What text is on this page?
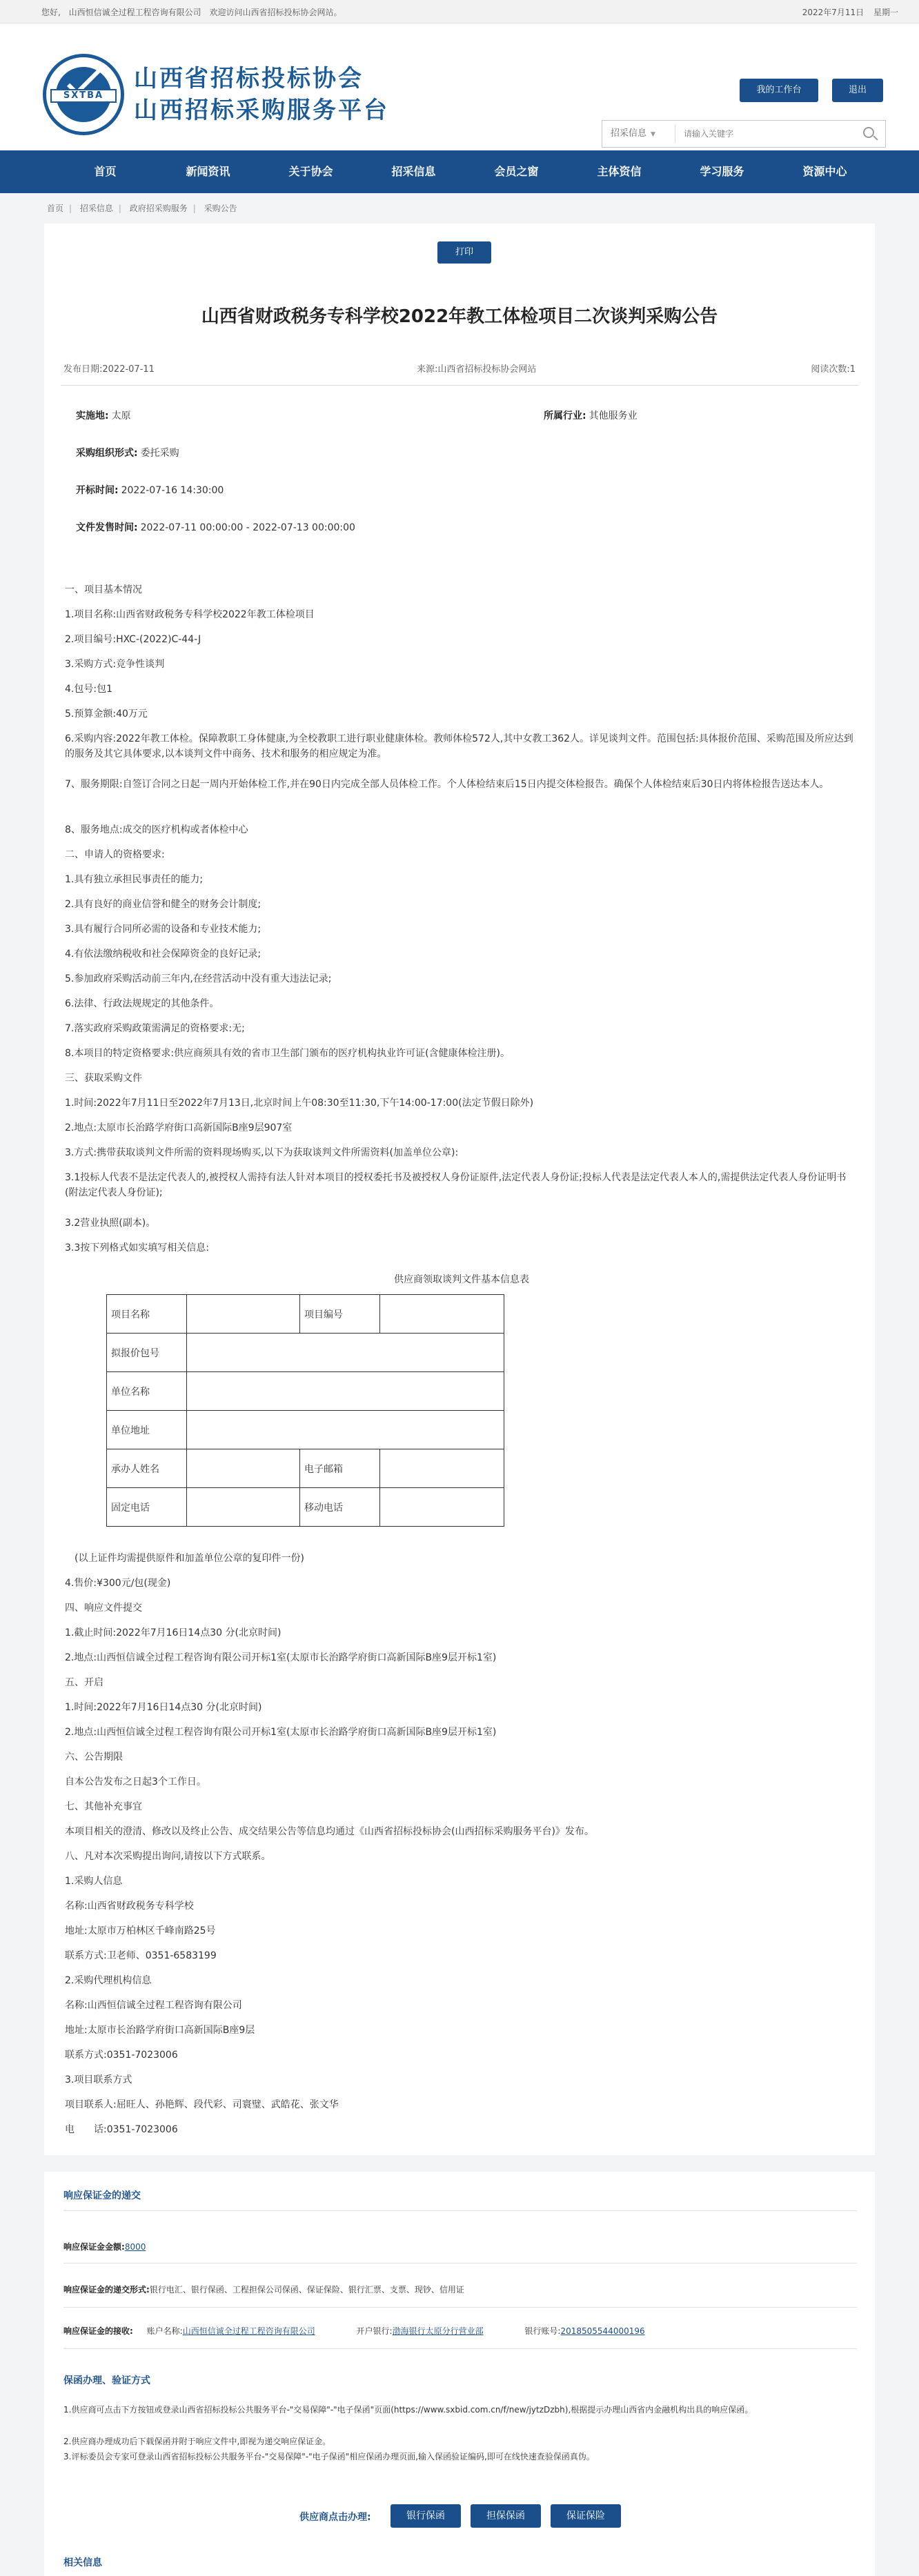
您好, 山西恒信诚全过程工程咨询有限公司 欢迎访问山西省招标投标协会网站。	2022年7月11日 星期一
SXTBA
山西省招标投标协会
山西招标采购服务平台
我的工作台	退出
招采信息 ▼
请输入关键字
首页	新闻资讯	关于协会	招采信息	会员之窗	主体资信	学习服务	资源中心
首页 | 招采信息 | 政府招采购服务 | 采购公告
打印
山西省财政税务专科学校2022年教工体检项目二次谈判采购公告
发布日期:2022-07-11	来源:山西省招标投标协会网站	阅读次数:1
实施地: 太原	所属行业: 其他服务业
采购组织形式: 委托采购
开标时间: 2022-07-16 14:30:00
文件发售时间: 2022-07-11 00:00:00 - 2022-07-13 00:00:00
一、项目基本情况
1.项目名称:山西省财政税务专科学校2022年教工体检项目
2.项目编号:HXC-(2022)C-44-J
3.采购方式:竞争性谈判
4.包号:包1
5.预算金额:40万元
6.采购内容:2022年教工体检。保障教职工身体健康,为全校教职工进行职业健康体检。教师体检572人,其中女教工362人。详见谈判文件。范围包括:具体报价范围、采购范围及所应达到的服务及其它具体要求,以本谈判文件中商务、技术和服务的相应规定为准。
7、服务期限:自签订合同之日起一周内开始体检工作,并在90日内完成全部人员体检工作。个人体检结束后15日内提交体检报告。确保个人体检结束后30日内将体检报告送达本人。
8、服务地点:成交的医疗机构或者体检中心
二、申请人的资格要求:
1.具有独立承担民事责任的能力;
2.具有良好的商业信誉和健全的财务会计制度;
3.具有履行合同所必需的设备和专业技术能力;
4.有依法缴纳税收和社会保障资金的良好记录;
5.参加政府采购活动前三年内,在经营活动中没有重大违法记录;
6.法律、行政法规规定的其他条件。
7.落实政府采购政策需满足的资格要求:无;
8.本项目的特定资格要求:供应商须具有效的省市卫生部门颁布的医疗机构执业许可证(含健康体检注册)。
三、获取采购文件
1.时间:2022年7月11日至2022年7月13日,北京时间上午08:30至11:30,下午14:00-17:00(法定节假日除外)
2.地点:太原市长治路学府街口高新国际B座9层907室
3.方式:携带获取谈判文件所需的资料现场购买,以下为获取谈判文件所需资料(加盖单位公章):
3.1投标人代表不是法定代表人的,被授权人需持有法人针对本项目的授权委托书及被授权人身份证原件,法定代表人身份证;投标人代表是法定代表人本人的,需提供法定代表人身份证明书(附法定代表人身份证);
3.2营业执照(副本)。
3.3按下列格式如实填写相关信息:
供应商领取谈判文件基本信息表
项目名称		项目编号	
拟报价包号			
单位名称			
单位地址			
承办人姓名		电子邮箱	
固定电话		移动电话	
(以上证件均需提供原件和加盖单位公章的复印件一份)
4.售价:¥300元/包(现金)
四、响应文件提交
1.截止时间:2022年7月16日14点30 分(北京时间)
2.地点:山西恒信诚全过程工程咨询有限公司开标1室(太原市长治路学府街口高新国际B座9层开标1室)
五、开启
1.时间:2022年7月16日14点30 分(北京时间)
2.地点:山西恒信诚全过程工程咨询有限公司开标1室(太原市长治路学府街口高新国际B座9层开标1室)
六、公告期限
自本公告发布之日起3个工作日。
七、其他补充事宜
本项目相关的澄清、修改以及终止公告、成交结果公告等信息均通过《山西省招标投标协会(山西招标采购服务平台)》发布。
八、凡对本次采购提出询问,请按以下方式联系。
1.采购人信息
名称:山西省财政税务专科学校
地址:太原市万柏林区千峰南路25号
联系方式:卫老师、0351-6583199
2.采购代理机构信息
名称:山西恒信诚全过程工程咨询有限公司
地址:太原市长治路学府街口高新国际B座9层
联系方式:0351-7023006
3.项目联系方式
项目联系人:屈旺人、孙艳辉、段代彩、司寰璧、武皓花、张文华
电　　话:0351-7023006
响应保证金的递交
响应保证金金额:8000
响应保证金的递交形式:银行电汇、银行保函、工程担保公司保函、保证保险、银行汇票、支票、现钞、信用证
响应保证金的接收: 账户名称:山西恒信诚全过程工程咨询有限公司	开户银行:渤海银行太原分行营业部	银行账号:2018505544000196
保函办理、验证方式
1.供应商可点击下方按钮或登录山西省招标投标公共服务平台-"交易保障"-"电子保函"页面(https://www.sxbid.com.cn/f/new/jytzDzbh),根据提示办理山西省内金融机构出具的响应保函。
2.供应商办理成功后下载保函并附于响应文件中,即视为递交响应保证金。
3.评标委员会专家可登录山西省招标投标公共服务平台-"交易保障"-"电子保函"相应保函办理页面,输入保函验证编码,即可在线快速查验保函真伪。
供应商点击办理:	银行保函	担保保函	保证保险
相关信息
